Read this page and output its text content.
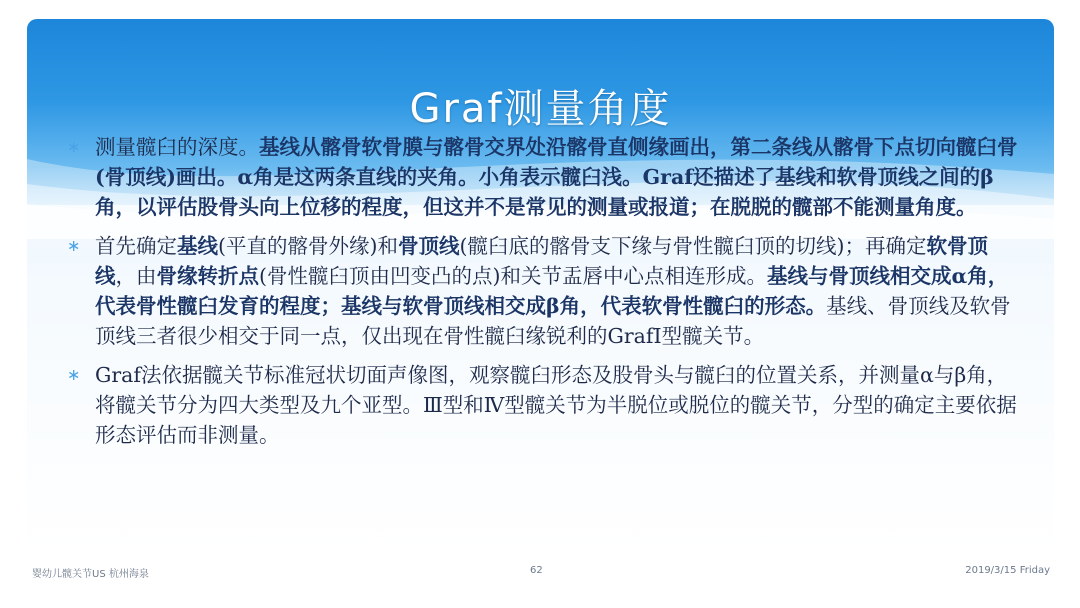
Graf测量角度
∗ 测量髋臼的深度。基线从髂骨软骨膜与髂骨交界处沿髂骨直侧缘画出，第二条线从髂骨下点切向髋臼骨(骨顶线)画出。α角是这两条直线的夹角。小角表示髋臼浅。Graf还描述了基线和软骨顶线之间的β角，以评估股骨头向上位移的程度，但这并不是常见的测量或报道；在脱脱的髋部不能测量角度。
∗ 首先确定基线(平直的髂骨外缘)和骨顶线(髋臼底的髂骨支下缘与骨性髋臼顶的切线)；再确定软骨顶线，由骨缘转折点(骨性髋臼顶由凹变凸的点)和关节盂唇中心点相连形成。基线与骨顶线相交成α角，代表骨性髋臼发育的程度；基线与软骨顶线相交成β角，代表软骨性髋臼的形态。基线、骨顶线及软骨顶线三者很少相交于同一点，仅出现在骨性髋臼缘锐利的GrafⅠ型髋关节。
∗ Graf法依据髋关节标准冠状切面声像图，观察髋臼形态及股骨头与髋臼的位置关系，并测量α与β角，将髋关节分为四大类型及九个亚型。Ⅲ型和Ⅳ型髋关节为半脱位或脱位的髋关节，分型的确定主要依据形态评估而非测量。
婴幼儿髋关节US 杭州海泉	62	2019/3/15 Friday
